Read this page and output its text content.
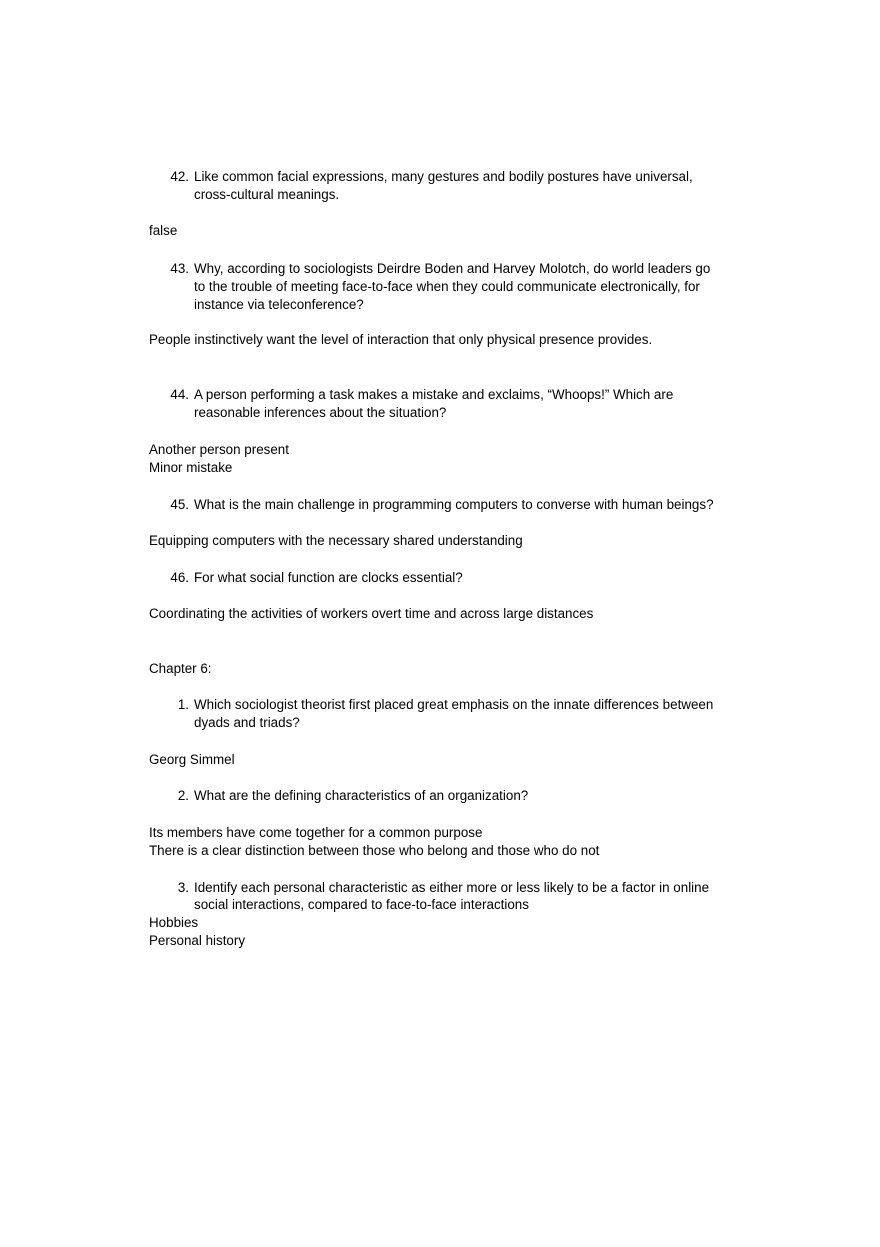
42. Like common facial expressions, many gestures and bodily postures have universal,
cross-cultural meanings.
false
43. Why, according to sociologists Deirdre Boden and Harvey Molotch, do world leaders go
to the trouble of meeting face-to-face when they could communicate electronically, for
instance via teleconference?
People instinctively want the level of interaction that only physical presence provides.
44. A person performing a task makes a mistake and exclaims, “Whoops!” Which are
reasonable inferences about the situation?
Another person present
Minor mistake
45. What is the main challenge in programming computers to converse with human beings?
Equipping computers with the necessary shared understanding
46. For what social function are clocks essential?
Coordinating the activities of workers overt time and across large distances
Chapter 6:
1. Which sociologist theorist first placed great emphasis on the innate differences between
dyads and triads?
Georg Simmel
2. What are the defining characteristics of an organization?
Its members have come together for a common purpose
There is a clear distinction between those who belong and those who do not
3. Identify each personal characteristic as either more or less likely to be a factor in online
social interactions, compared to face-to-face interactions
Hobbies
Personal history
